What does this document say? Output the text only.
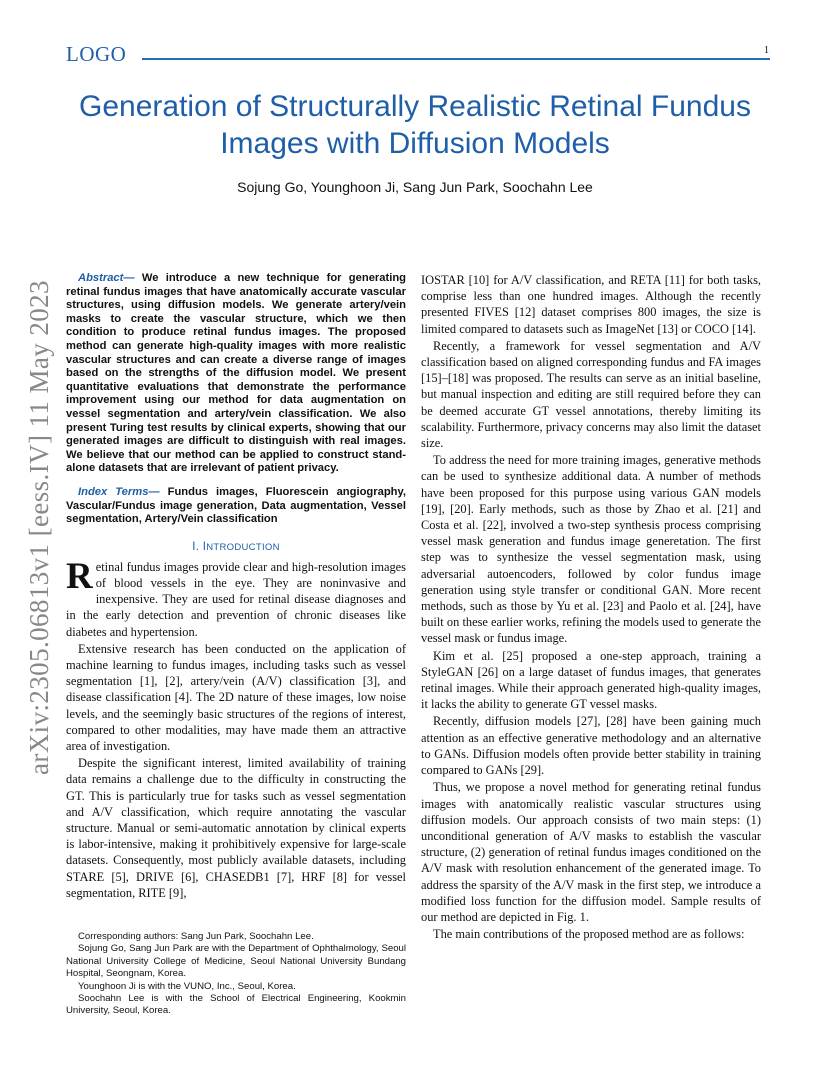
LOGO	1
Generation of Structurally Realistic Retinal Fundus Images with Diffusion Models
Sojung Go, Younghoon Ji, Sang Jun Park, Soochahn Lee
arXiv:2305.06813v1 [eess.IV] 11 May 2023
Abstract— We introduce a new technique for generating retinal fundus images that have anatomically accurate vascular structures, using diffusion models. We generate artery/vein masks to create the vascular structure, which we then condition to produce retinal fundus images. The proposed method can generate high-quality images with more realistic vascular structures and can create a diverse range of images based on the strengths of the diffusion model. We present quantitative evaluations that demonstrate the performance improvement using our method for data augmentation on vessel segmentation and artery/vein classification. We also present Turing test results by clinical experts, showing that our generated images are difficult to distinguish with real images. We believe that our method can be applied to construct stand-alone datasets that are irrelevant of patient privacy.
Index Terms— Fundus images, Fluorescein angiography, Vascular/Fundus image generation, Data augmentation, Vessel segmentation, Artery/Vein classification
I. INTRODUCTION
Retinal fundus images provide clear and high-resolution images of blood vessels in the eye. They are noninvasive and inexpensive. They are used for retinal disease diagnoses and in the early detection and prevention of chronic diseases like diabetes and hypertension.
Extensive research has been conducted on the application of machine learning to fundus images, including tasks such as vessel segmentation [1], [2], artery/vein (A/V) classification [3], and disease classification [4]. The 2D nature of these images, low noise levels, and the seemingly basic structures of the regions of interest, compared to other modalities, may have made them an attractive area of investigation.
Despite the significant interest, limited availability of training data remains a challenge due to the difficulty in constructing the GT. This is particularly true for tasks such as vessel segmentation and A/V classification, which require annotating the vascular structure. Manual or semi-automatic annotation by clinical experts is labor-intensive, making it prohibitively expensive for large-scale datasets. Consequently, most publicly available datasets, including STARE [5], DRIVE [6], CHASEDB1 [7], HRF [8] for vessel segmentation, RITE [9],
IOSTAR [10] for A/V classification, and RETA [11] for both tasks, comprise less than one hundred images. Although the recently presented FIVES [12] dataset comprises 800 images, the size is limited compared to datasets such as ImageNet [13] or COCO [14].
Recently, a framework for vessel segmentation and A/V classification based on aligned corresponding fundus and FA images [15]–[18] was proposed. The results can serve as an initial baseline, but manual inspection and editing are still required before they can be deemed accurate GT vessel annotations, thereby limiting its scalability. Furthermore, privacy concerns may also limit the dataset size.
To address the need for more training images, generative methods can be used to synthesize additional data. A number of methods have been proposed for this purpose using various GAN models [19], [20]. Early methods, such as those by Zhao et al. [21] and Costa et al. [22], involved a two-step synthesis process comprising vessel mask generation and fundus image generetation. The first step was to synthesize the vessel segmentation mask, using adversarial autoencoders, followed by color fundus image generation using style transfer or conditional GAN. More recent methods, such as those by Yu et al. [23] and Paolo et al. [24], have built on these earlier works, refining the models used to generate the vessel mask or fundus image.
Kim et al. [25] proposed a one-step approach, training a StyleGAN [26] on a large dataset of fundus images, that generates retinal images. While their approach generated high-quality images, it lacks the ability to generate GT vessel masks.
Recently, diffusion models [27], [28] have been gaining much attention as an effective generative methodology and an alternative to GANs. Diffusion models often provide better stability in training compared to GANs [29].
Thus, we propose a novel method for generating retinal fundus images with anatomically realistic vascular structures using diffusion models. Our approach consists of two main steps: (1) unconditional generation of A/V masks to establish the vascular structure, (2) generation of retinal fundus images conditioned on the A/V mask with resolution enhancement of the generated image. To address the sparsity of the A/V mask in the first step, we introduce a modified loss function for the diffusion model. Sample results of our method are depicted in Fig. 1.
The main contributions of the proposed method are as follows:
Corresponding authors: Sang Jun Park, Soochahn Lee.
Sojung Go, Sang Jun Park are with the Department of Ophthalmology, Seoul National University College of Medicine, Seoul National University Bundang Hospital, Seongnam, Korea.
Younghoon Ji is with the VUNO, Inc., Seoul, Korea.
Soochahn Lee is with the School of Electrical Engineering, Kookmin University, Seoul, Korea.
